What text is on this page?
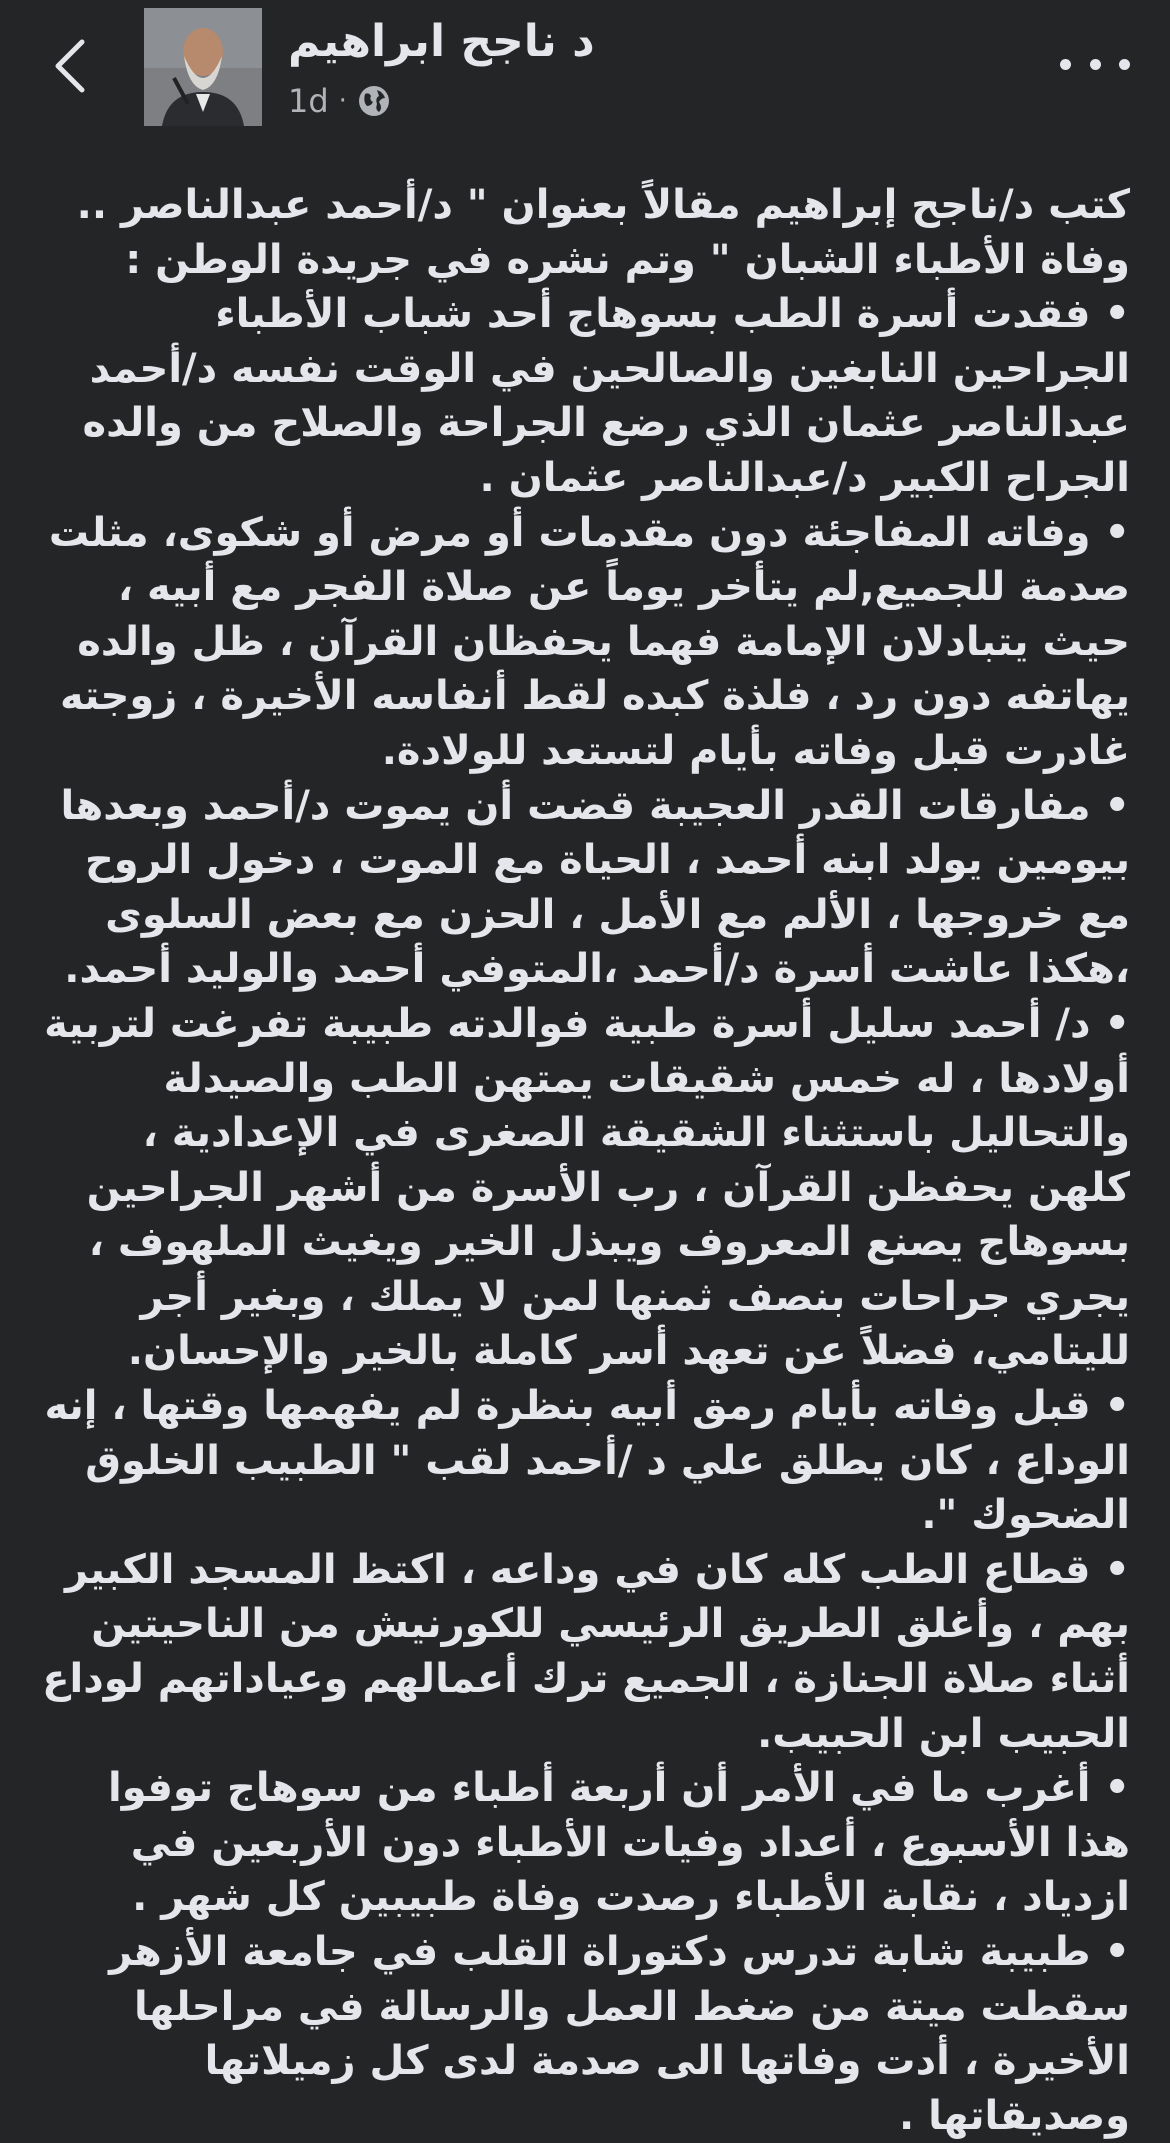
د ناجح ابراهيم
1d ·

كتب د/ناجح إبراهيم مقالاً بعنوان " د/أحمد عبدالناصر .. وفاة الأطباء الشبان " وتم نشره في جريدة الوطن :

• فقدت أسرة الطب بسوهاج أحد شباب الأطباء الجراحين النابغين والصالحين في الوقت نفسه د/أحمد عبدالناصر عثمان الذي رضع الجراحة والصلاح من والده الجراح الكبير د/عبدالناصر عثمان .

• وفاته المفاجئة دون مقدمات أو مرض أو شكوى، مثلت صدمة للجميع,لم يتأخر يوماً عن صلاة الفجر مع أبيه ، حيث يتبادلان الإمامة فهما يحفظان القرآن ، ظل والده يهاتفه دون رد ، فلذة كبده لقط أنفاسه الأخيرة ، زوجته غادرت قبل وفاته بأيام لتستعد للولادة.

• مفارقات القدر العجيبة قضت أن يموت د/أحمد وبعدها بيومين يولد ابنه أحمد ، الحياة مع الموت ، دخول الروح مع خروجها ، الألم مع الأمل ، الحزن مع بعض السلوى ،هكذا عاشت أسرة د/أحمد ،المتوفي أحمد والوليد أحمد.

• د/ أحمد سليل أسرة طبية فوالدته طبيبة تفرغت لتربية أولادها ، له خمس شقيقات يمتهن الطب والصيدلة والتحاليل باستثناء الشقيقة الصغرى في الإعدادية ، كلهن يحفظن القرآن ، رب الأسرة من أشهر الجراحين بسوهاج يصنع المعروف ويبذل الخير ويغيث الملهوف ، يجري جراحات بنصف ثمنها لمن لا يملك ، وبغير أجر لليتامي، فضلاً عن تعهد أسر كاملة بالخير والإحسان.

• قبل وفاته بأيام رمق أبيه بنظرة لم يفهمها وقتها ، إنه الوداع ، كان يطلق علي د /أحمد لقب " الطبيب الخلوق الضحوك ".

• قطاع الطب كله كان في وداعه ، اكتظ المسجد الكبير بهم ، وأغلق الطريق الرئيسي للكورنيش من الناحيتين أثناء صلاة الجنازة ، الجميع ترك أعمالهم وعياداتهم لوداع الحبيب ابن الحبيب.

• أغرب ما في الأمر أن أربعة أطباء من سوهاج توفوا هذا الأسبوع ، أعداد وفيات الأطباء دون الأربعين في ازدياد ، نقابة الأطباء رصدت وفاة طبيبين كل شهر .

• طبيبة شابة تدرس دكتوراة القلب في جامعة الأزهر سقطت ميتة من ضغط العمل والرسالة في مراحلها الأخيرة ، أدت وفاتها الى صدمة لدى كل زميلاتها وصديقاتها .
